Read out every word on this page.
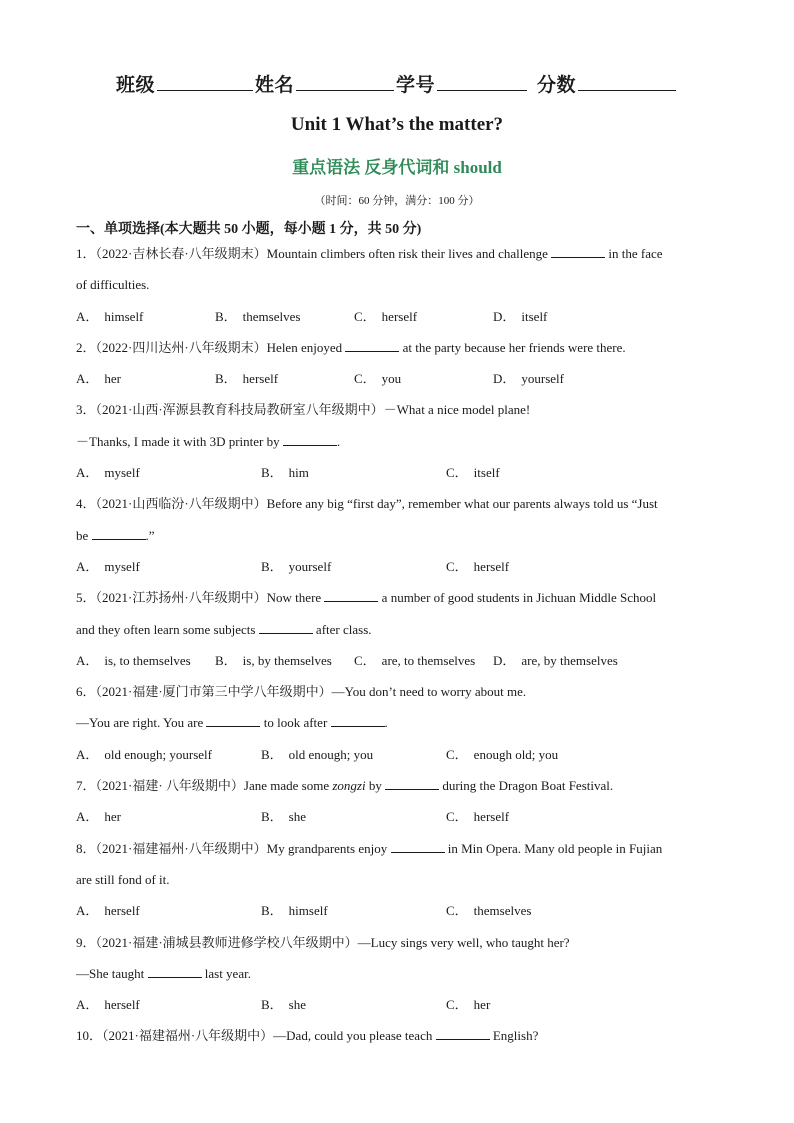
班级	姓名	学号	分数
Unit 1 What’s the matter?
重点语法 反身代词和 should
（时间：60 分钟，满分：100 分）
一、单项选择(本大题共 50 小题，每小题 1 分，共 50 分)
1．（2022·吉林长春·八年级期末）Mountain climbers often risk their lives and challenge	in the face
of difficulties.
A． himself	B． themselves	C． herself	D． itself
2．（2022·四川达州·八年级期末）Helen enjoyed	at the party because her friends were there.
A． her	B． herself	C． you	D． yourself
3．（2021·山西·浑源县教育科技局教研室八年级期中）－What a nice model plane!
－Thanks, I made it with 3D printer by	.
A． myself	B． him	C． itself
4．（2021·山西临汾·八年级期中）Before any big “first day”, remember what our parents always told us “Just
be	.”
A． myself	B． yourself	C． herself
5．（2021·江苏扬州·八年级期中）Now there	a number of good students in Jichuan Middle School
and they often learn some subjects	after class.
A． is, to themselves	B． is, by themselves	C． are, to themselves	D． are, by themselves
6．（2021·福建·厦门市第三中学八年级期中）—You don’t need to worry about me.
—You are right. You are	to look after	.
A． old enough; yourself	B． old enough; you	C． enough old; you
7．（2021·福建· 八年级期中）Jane made some zongzi by	during the Dragon Boat Festival.
A． her	B． she	C． herself
8．（2021·福建福州·八年级期中）My grandparents enjoy	in Min Opera. Many old people in Fujian
are still fond of it.
A． herself	B． himself	C． themselves
9．（2021·福建·浦城县教师进修学校八年级期中）—Lucy sings very well, who taught her?
—She taught	last year.
A． herself	B． she	C． her
10．（2021·福建福州·八年级期中）—Dad, could you please teach	English?
